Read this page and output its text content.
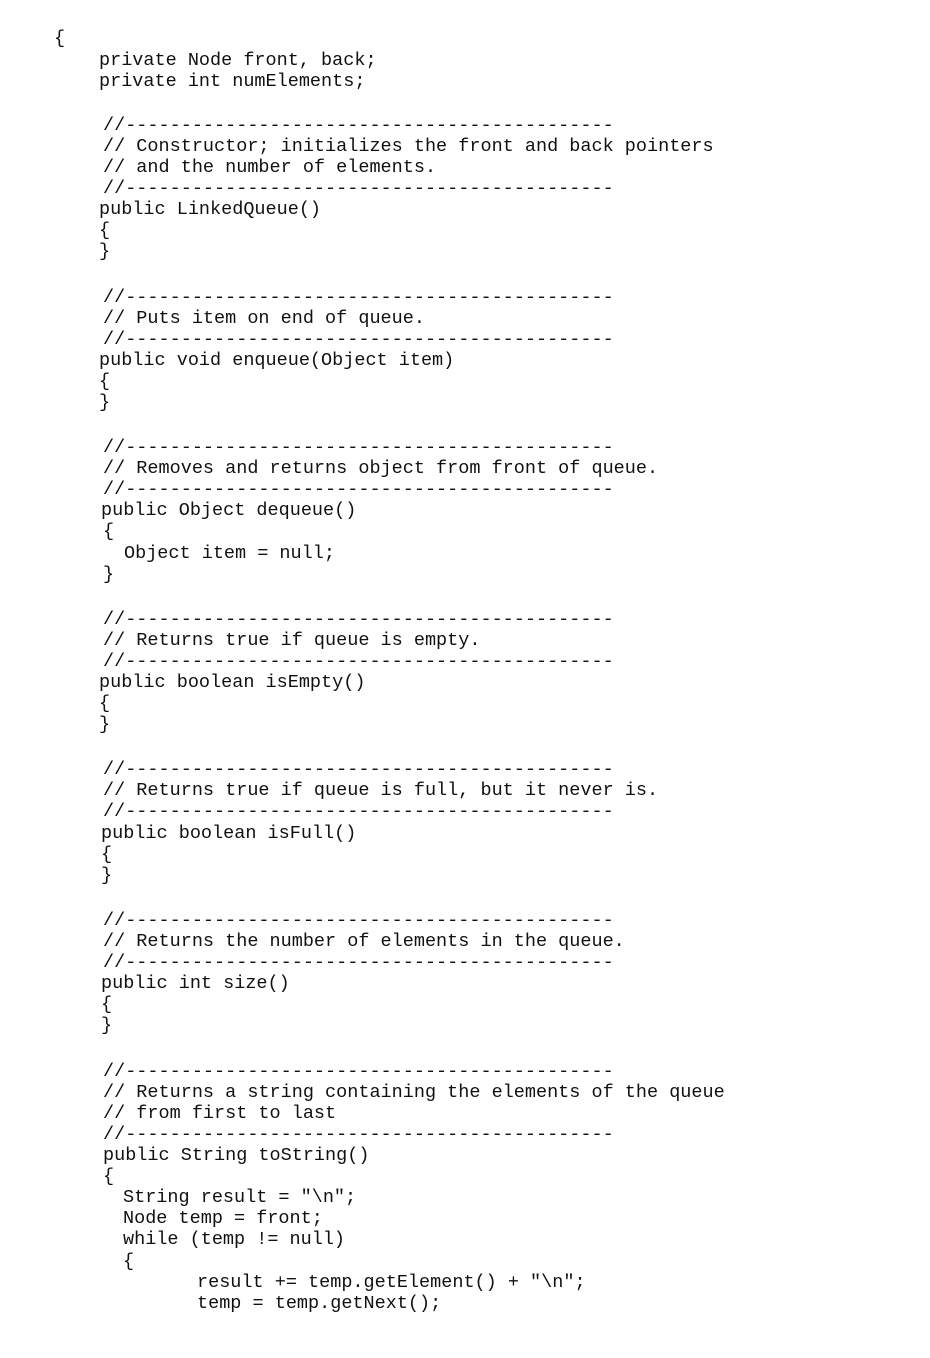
{
private Node front, back;
private int numElements;
//--------------------------------------------
// Constructor; initializes the front and back pointers
// and the number of elements.
//--------------------------------------------
public LinkedQueue()
{
}
//--------------------------------------------
// Puts item on end of queue.
//--------------------------------------------
public void enqueue(Object item)
{
}
//--------------------------------------------
// Removes and returns object from front of queue.
//--------------------------------------------
public Object dequeue()
{
Object item = null;
}
//--------------------------------------------
// Returns true if queue is empty.
//--------------------------------------------
public boolean isEmpty()
{
}
//--------------------------------------------
// Returns true if queue is full, but it never is.
//--------------------------------------------
public boolean isFull()
{
}
//--------------------------------------------
// Returns the number of elements in the queue.
//--------------------------------------------
public int size()
{
}
//--------------------------------------------
// Returns a string containing the elements of the queue
// from first to last
//--------------------------------------------
public String toString()
{
String result = "\n";
Node temp = front;
while (temp != null)
{
result += temp.getElement() + "\n";
temp = temp.getNext();
